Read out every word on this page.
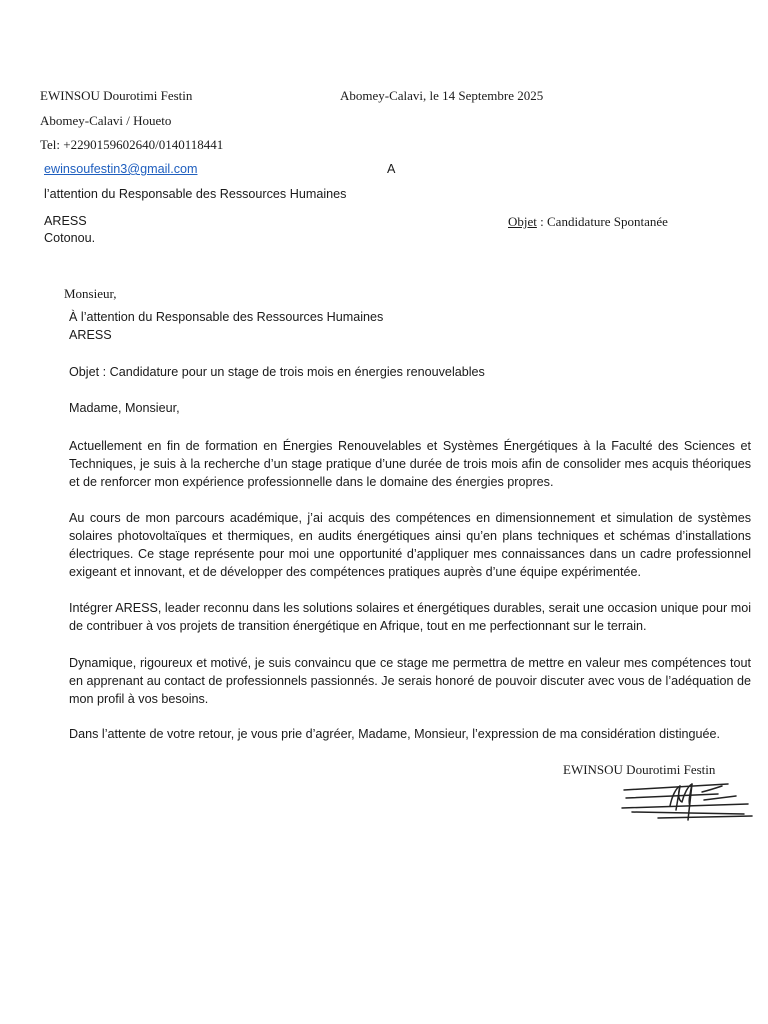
EWINSOU Dourotimi Festin	Abomey-Calavi, le 14 Septembre 2025
Abomey-Calavi / Houeto
Tel: +2290159602640/0140118441
ewinsoufestin3@gmail.com	A
l’attention du Responsable des Ressources Humaines
ARESS
Cotonou.
Objet : Candidature Spontanée
Monsieur,
À l’attention du Responsable des Ressources Humaines
ARESS
Objet : Candidature pour un stage de trois mois en énergies renouvelables
Madame, Monsieur,

Actuellement en fin de formation en Énergies Renouvelables et Systèmes Énergétiques à la Faculté des Sciences et Techniques, je suis à la recherche d’un stage pratique d’une durée de trois mois afin de consolider mes acquis théoriques et de renforcer mon expérience professionnelle dans le domaine des énergies propres.

Au cours de mon parcours académique, j’ai acquis des compétences en dimensionnement et simulation de systèmes solaires photovoltaïques et thermiques, en audits énergétiques ainsi qu’en plans techniques et schémas d’installations électriques. Ce stage représente pour moi une opportunité d’appliquer mes connaissances dans un cadre professionnel exigeant et innovant, et de développer des compétences pratiques auprès d’une équipe expérimentée.

Intégrer ARESS, leader reconnu dans les solutions solaires et énergétiques durables, serait une occasion unique pour moi de contribuer à vos projets de transition énergétique en Afrique, tout en me perfectionnant sur le terrain.

Dynamique, rigoureux et motivé, je suis convaincu que ce stage me permettra de mettre en valeur mes compétences tout en apprenant au contact de professionnels passionnés. Je serais honoré de pouvoir discuter avec vous de l’adéquation de mon profil à vos besoins.

Dans l’attente de votre retour, je vous prie d’agréer, Madame, Monsieur, l’expression de ma considération distinguée.

EWINSOU Dourotimi Festin
